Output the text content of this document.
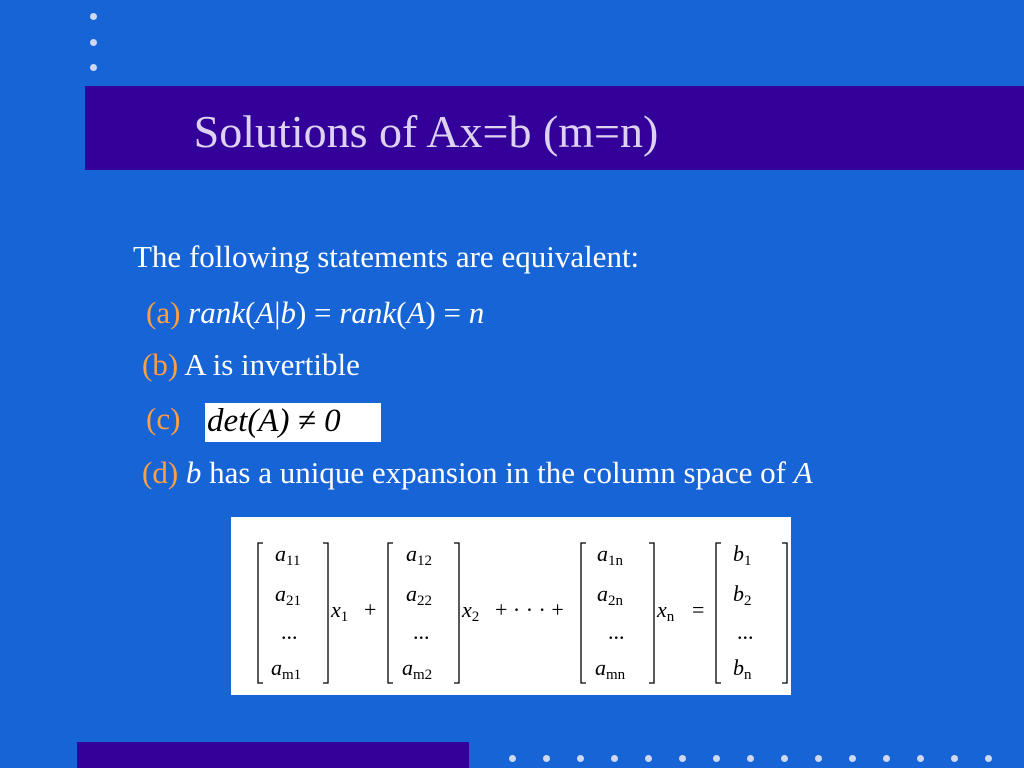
Solutions of Ax=b (m=n)
The following statements are equivalent:
(a) rank(A|b) = rank(A) = n
(b) A is invertible
(c) det(A) ≠ 0
(d) b has a unique expansion in the column space of A
a11
a21
...
am1
x1 +
a12
a22
...
am2
x2 + · · · +
a1n
a2n
...
amn
xn =
b1
b2
...
bn
